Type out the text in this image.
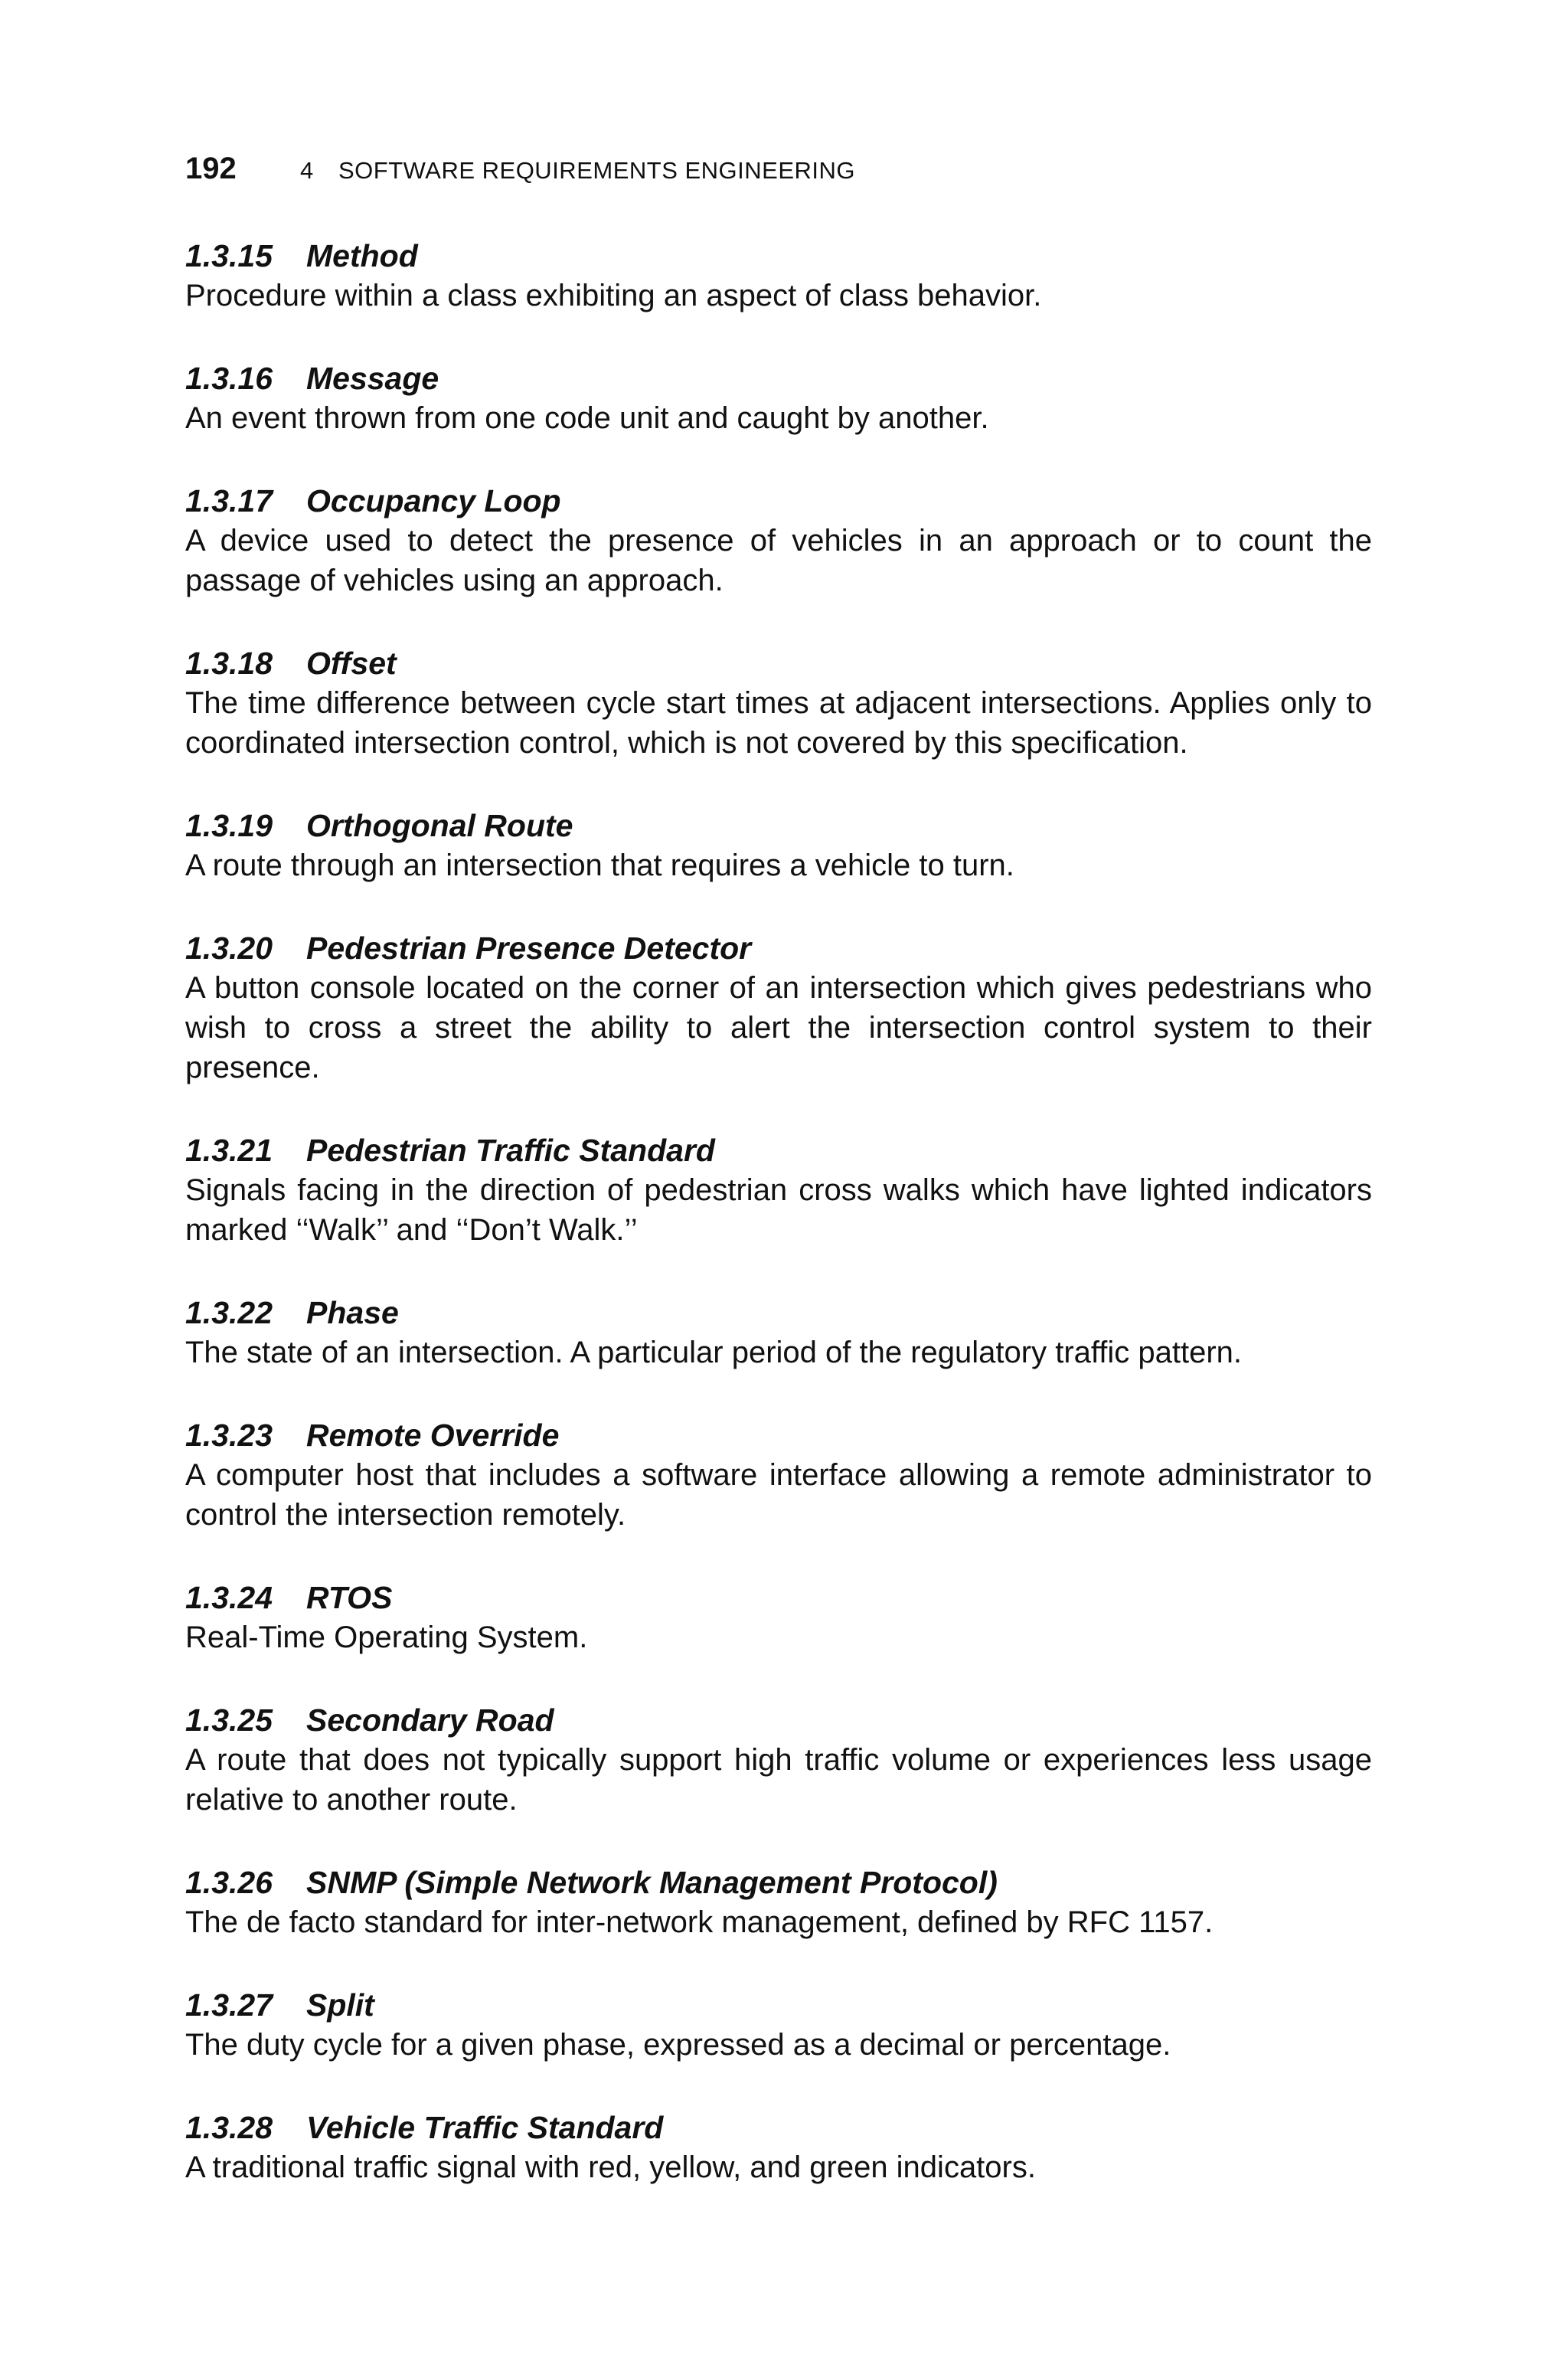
192	4	SOFTWARE REQUIREMENTS ENGINEERING

1.3.15 Method

Procedure within a class exhibiting an aspect of class behavior.

1.3.16 Message

An event thrown from one code unit and caught by another.

1.3.17 Occupancy Loop

A device used to detect the presence of vehicles in an approach or to count the passage of vehicles using an approach.

1.3.18 Offset

The time difference between cycle start times at adjacent intersections. Applies only to coordinated intersection control, which is not covered by this specification.

1.3.19 Orthogonal Route

A route through an intersection that requires a vehicle to turn.

1.3.20 Pedestrian Presence Detector

A button console located on the corner of an intersection which gives pedestrians who wish to cross a street the ability to alert the intersection control system to their presence.

1.3.21 Pedestrian Traffic Standard

Signals facing in the direction of pedestrian cross walks which have lighted indicators marked ‘‘Walk’’ and ‘‘Don’t Walk.’’

1.3.22 Phase

The state of an intersection. A particular period of the regulatory traffic pattern.

1.3.23 Remote Override

A computer host that includes a software interface allowing a remote administrator to control the intersection remotely.

1.3.24 RTOS

Real-Time Operating System.

1.3.25 Secondary Road

A route that does not typically support high traffic volume or experiences less usage relative to another route.

1.3.26 SNMP (Simple Network Management Protocol)

The de facto standard for inter-network management, defined by RFC 1157.

1.3.27 Split

The duty cycle for a given phase, expressed as a decimal or percentage.

1.3.28 Vehicle Traffic Standard

A traditional traffic signal with red, yellow, and green indicators.
